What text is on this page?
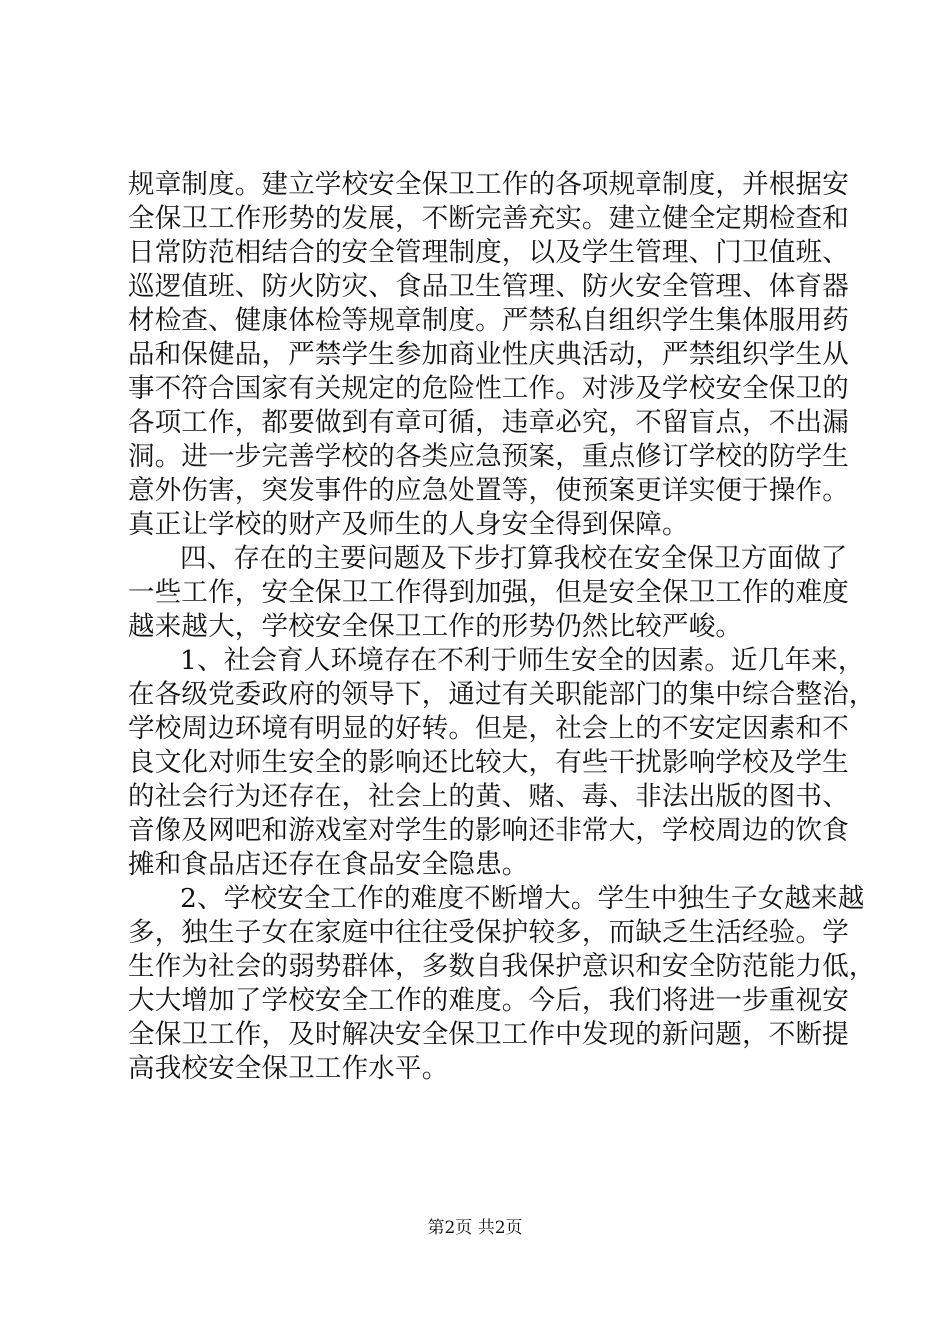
规章制度。建立学校安全保卫工作的各项规章制度，并根据安
全保卫工作形势的发展，不断完善充实。建立健全定期检查和
日常防范相结合的安全管理制度，以及学生管理、门卫值班、
巡逻值班、防火防灾、食品卫生管理、防火安全管理、体育器
材检查、健康体检等规章制度。严禁私自组织学生集体服用药
品和保健品，严禁学生参加商业性庆典活动，严禁组织学生从
事不符合国家有关规定的危险性工作。对涉及学校安全保卫的
各项工作，都要做到有章可循，违章必究，不留盲点，不出漏
洞。进一步完善学校的各类应急预案，重点修订学校的防学生
意外伤害，突发事件的应急处置等，使预案更详实便于操作。
真正让学校的财产及师生的人身安全得到保障。
四、存在的主要问题及下步打算我校在安全保卫方面做了
一些工作，安全保卫工作得到加强，但是安全保卫工作的难度
越来越大，学校安全保卫工作的形势仍然比较严峻。
1、社会育人环境存在不利于师生安全的因素。近几年来，
在各级党委政府的领导下，通过有关职能部门的集中综合整治，
学校周边环境有明显的好转。但是，社会上的不安定因素和不
良文化对师生安全的影响还比较大，有些干扰影响学校及学生
的社会行为还存在，社会上的黄、赌、毒、非法出版的图书、
音像及网吧和游戏室对学生的影响还非常大，学校周边的饮食
摊和食品店还存在食品安全隐患。
2、学校安全工作的难度不断增大。学生中独生子女越来越
多，独生子女在家庭中往往受保护较多，而缺乏生活经验。学
生作为社会的弱势群体，多数自我保护意识和安全防范能力低，
大大增加了学校安全工作的难度。今后，我们将进一步重视安
全保卫工作，及时解决安全保卫工作中发现的新问题，不断提
高我校安全保卫工作水平。
第2页 共2页
